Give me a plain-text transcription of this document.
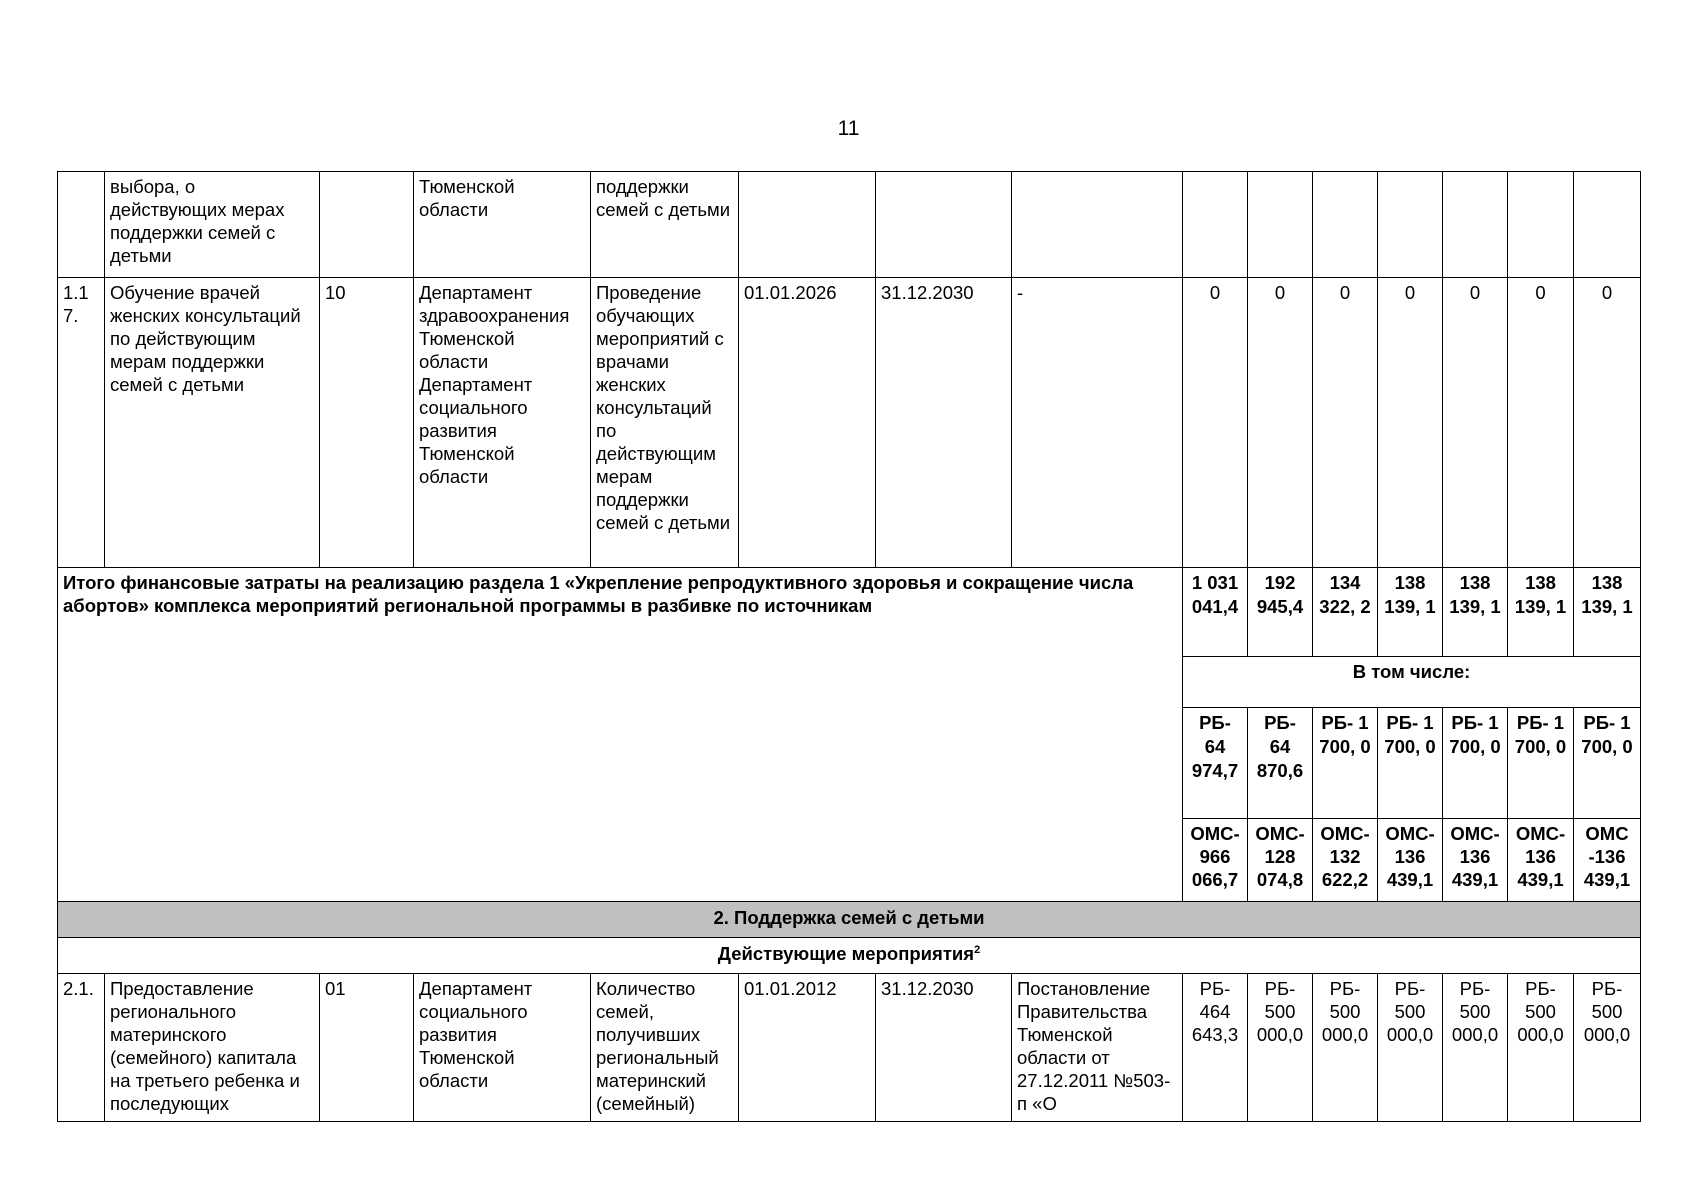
11
	выбора, о действующих мерах поддержки семей с детьми		Тюменской области	поддержки семей с детьми										
1.1 7.	Обучение врачей женских консультаций по действующим мерам поддержки семей с детьми	10	Департамент здравоохранения Тюменской области Департамент социального развития Тюменской области	Проведение обучающих мероприятий с врачами женских консультаций по действующим мерам поддержки семей с детьми	01.01.2026	31.12.2030	-	0	0	0	0	0	0	0
Итого финансовые затраты на реализацию раздела 1 «Укрепление репродуктивного здоровья и сокращение числа абортов» комплекса мероприятий региональной программы в разбивке по источникам								1 031 041,4	192 945,4	134 322, 2	138 139, 1	138 139, 1	138 139, 1	138 139, 1
								В том числе:						
								РБ- 64 974,7	РБ- 64 870,6	РБ- 1 700, 0	РБ- 1 700, 0	РБ- 1 700, 0	РБ- 1 700, 0	РБ- 1 700, 0
								ОМС- 966 066,7	ОМС- 128 074,8	ОМС- 132 622,2	ОМС- 136 439,1	ОМС- 136 439,1	ОМС- 136 439,1	ОМС -136 439,1
2. Поддержка семей с детьми														
Действующие мероприятия$^2$
2.1.	Предоставление регионального материнского (семейного) капитала на третьего ребенка и последующих	01	Департамент социального развития Тюменской области	Количество семей, получивших региональный материнский (семейный)	01.01.2012	31.12.2030	Постановление Правительства Тюменской области от 27.12.2011 №503-п «О	РБ- 464 643,3	РБ- 500 000,0	РБ- 500 000,0	РБ- 500 000,0	РБ- 500 000,0	РБ- 500 000,0	РБ- 500 000,0
